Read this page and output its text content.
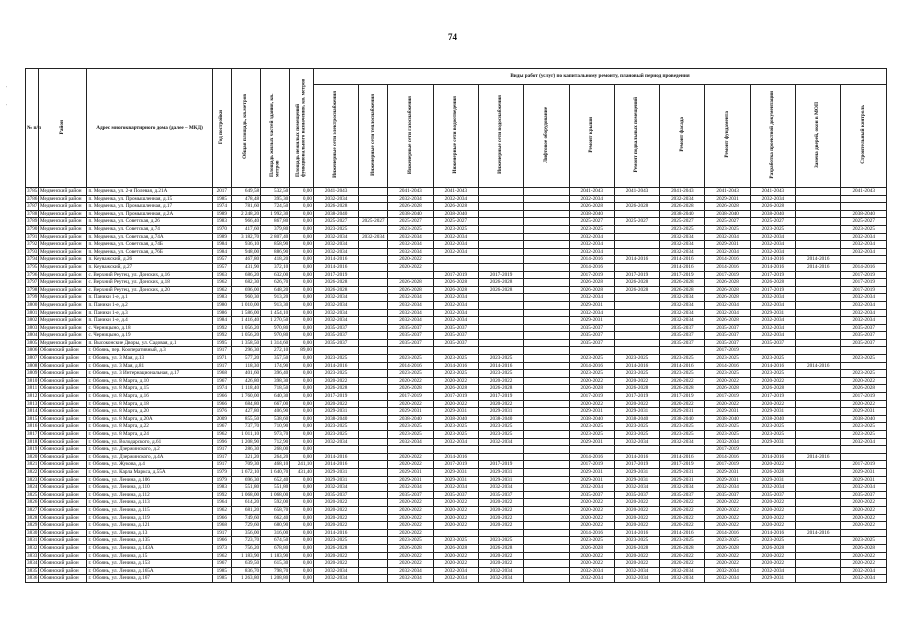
74
'
'
№ п/п	Район	Адрес многоквартирного дома (далее – МКД)	Год постройки	Общая площадь, кв.метров	Площадь жилых частей здания, кв. метров	Площадь нежилых помещений функционального назначения, кв. метров	Виды работ (услуг) по капитальному ремонту, плановый период проведения												
							Инженерные сети электроснабжения	Инженерные сети теплоснабжения	Инженерные сети газоснабжения	Инженерные сети водоотведения	Инженерные сети водоснабжения	Лифтовое оборудование	Ремонт крыши	Ремонт подвальных помещений	Ремонт фасада	Ремонт фундамента	Разработка проектной документации	Замена дверей, окон в МОП	Строительный контроль
3785	Медвенский район	п. Медвенка, ул. 2-я Полевая, д.21А	2017	649,58	532,50	0,00	2041-2043		2041-2043	2041-2043			2041-2043	2041-2043	2041-2043	2041-2043	2041-2043		2041-2043
3786	Медвенский район	п. Медвенка, ул. Промышленная, д.15	1985	478,48	395,30	0,00	2032-2034		2032-2034	2032-2034			2032-2034		2032-2034	2029-2031	2032-2034		
3787	Медвенский район	п. Медвенка, ул. Промышленная, д.17	1974	781,60	724,50	0,00	2026-2028		2026-2028	2026-2028			2026-2028	2026-2028	2026-2028	2026-2028	2026-2028		
3788	Медвенский район	п. Медвенка, ул. Промышленная, д.2А	1989	2 248,20	1 992,30	0,00	2038-2040		2038-2040	2038-2040			2038-2040		2038-2040	2038-2040	2038-2040		2038-2040
3789	Медвенский район	п. Медвенка, ул. Советская, д.26	1983	966,40	867,80	0,00	2025-2027	2025-2027	2025-2027	2025-2027			2025-2027	2025-2027	2025-2027	2025-2027	2025-2027		2025-2027
3790	Медвенский район	п. Медвенка, ул. Советская, д.74	1970	417,60	379,80	0,00	2023-2025		2023-2025	2023-2025			2023-2025		2023-2025	2023-2025	2023-2025		2023-2025
3791	Медвенский район	п. Медвенка, ул. Советская, д.74А	1989	3 182,70	2 807,40	0,00	2032-2034	2032-2034	2032-2034	2032-2034			2032-2034		2032-2034	2032-2034	2032-2034		2032-2034
3792	Медвенский район	п. Медвенка, ул. Советская, д.74Б	1984	936,10	858,90	0,00	2032-2034		2032-2034	2032-2034			2032-2034		2032-2034	2029-2031	2032-2034		2032-2034
3793	Медвенский район	п. Медвенка, ул. Советская, д.76Б	1984	948,00	886,90	0,00	2032-2034		2032-2034	2032-2034			2032-2034		2032-2034	2032-2034	2032-2034		2032-2034
3794	Медвенский район	п. Кеуважский, д.26	1957	467,80	418,20	0,00	2014-2016		2020-2022				2014-2016	2014-2016	2014-2016	2014-2016	2014-2016	2014-2016	
3795	Медвенский район	п. Кеуважский, д.27	1957	431,90	372,10	0,00	2014-2016		2020-2022				2014-2016		2014-2016	2014-2016	2014-2016	2014-2016	2014-2016
3796	Медвенский район	с. Верхний Реутец, ул. Донских, д.16	1963	686,20	632,00	0,00	2017-2019			2017-2019	2017-2019		2017-2019	2017-2019	2017-2019	2017-2019	2017-2019		2017-2019
3797	Медвенский район	с. Верхний Реутец, ул. Донских, д.18	1962	682,30	626,70	0,00	2026-2028		2026-2028	2026-2028	2026-2028		2026-2028	2026-2028	2026-2028	2026-2028	2026-2028		2017-2019
3798	Медвенский район	с. Верхний Реутец, ул. Донских, д.20	1962	696,00	648,20	0,00	2026-2028		2026-2028	2026-2028	2026-2028		2026-2028	2026-2028	2026-2028	2026-2028	2017-2019		2017-2019
3799	Медвенский район	п. Паники 1-е, д.1	1983	960,30	913,20	0,00	2032-2034		2032-2034	2032-2034			2032-2034		2032-2034	2026-2028	2032-2034		2032-2034
3800	Медвенский район	п. Паники 1-е, д.2	1980	1 010,00	913,30	0,00	2032-2034		2032-2034	2032-2034			2029-2031		2032-2034	2032-2034	2032-2034		2032-2034
3801	Медвенский район	п. Паники 1-е, д.3	1986	1 586,00	1 454,10	0,00	2032-2034		2032-2034	2032-2034			2032-2034		2032-2034	2032-2034	2029-2031		2032-2034
3802	Медвенский район	п. Паники 1-е, д.4	1984	1 416,40	1 270,50	0,00	2032-2034		2032-2034	2032-2034			2029-2031		2032-2034	2026-2028	2032-2034		2032-2034
3803	Медвенский район	с. Черницыно, д.18	1992	1 056,20	970,80	0,00	2035-2037		2035-2037	2035-2037			2035-2037		2035-2037	2035-2037	2032-2034		2035-2037
3804	Медвенский район	с. Черницыно, д.19	1992	1 056,20	970,80	0,00	2035-2037		2035-2037	2035-2037			2035-2037		2035-2037	2035-2037	2032-2034		2035-2037
3805	Медвенский район	п. Высоконские Дворы, ул. Садовая, д.1	1995	1 358,50	1 314,60	0,00	2035-2037		2035-2037	2035-2037			2035-2037		2035-2037	2035-2037	2035-2037		2035-2037
3806	Обоянский район	г. Обоянь, пер. Кооперативный, д.3	1917	296,30	272,10	89,00										2017-2019			
3807	Обоянский район	г. Обоянь, ул. 3 Мая, д.13	1971	577,20	357,50	0,00	2023-2025		2023-2025	2023-2025	2023-2025		2023-2025	2023-2025	2023-2025	2023-2025	2023-2025		2023-2025
3808	Обоянский район	г. Обоянь, ул. 3 Мая, д.81	1917	118,30	174,90	0,00	2014-2016		2014-2016	2014-2016	2014-2016		2014-2016	2014-2016	2014-2016	2014-2016	2014-2016	2014-2016	
3809	Обоянский район	г. Обоянь, ул. 3 Интернациональная, д.17	1968	401,60	396,40	0,00	2023-2025		2023-2025	2023-2025	2023-2025		2023-2025	2023-2025	2023-2025	2023-2025	2023-2025		2023-2025
3810	Обоянский район	г. Обоянь, ул. 8 Марта, д.10	1967	426,80	398,30	0,00	2020-2022		2020-2022	2020-2022	2020-2022		2020-2022	2020-2022	2020-2022	2020-2022	2020-2022		2020-2022
3811	Обоянский район	г. Обоянь, ул. 8 Марта, д.15	1974	1 118,40	718,50	0,00	2026-2028		2026-2028	2026-2028	2026-2028		2026-2028	2026-2028	2026-2028	2026-2028	2026-2028		2026-2028
3812	Обоянский район	г. Обоянь, ул. 8 Марта, д.16	1966	1 760,00	640,30	0,00	2017-2019		2017-2019	2017-2019	2017-2019		2017-2019	2017-2019	2017-2019	2017-2019	2017-2019		2017-2019
3813	Обоянский район	г. Обоянь, ул. 8 Марта, д.18	1966	684,80	667,00	0,00	2020-2022		2020-2022	2020-2022	2020-2022		2020-2022	2020-2022	2020-2022	2020-2022	2020-2022		2020-2022
3814	Обоянский район	г. Обоянь, ул. 8 Марта, д.20	1976	427,80	406,90	0,00	2029-2031		2029-2031	2029-2031	2029-2031		2029-2031	2029-2031	2029-2031	2029-2031	2029-2031		2029-2031
3815	Обоянский район	г. Обоянь, ул. 8 Марта, д.20А	2009	855,50	538,60	0,00	2038-2040		2038-2040	2038-2040	2038-2040		2038-2040	2038-2040	2038-2040	2038-2040	2038-2040		2038-2040
3816	Обоянский район	г. Обоянь, ул. 8 Марта, д.22	1967	737,70	710,90	0,00	2023-2025		2023-2025	2023-2025	2023-2025		2023-2025	2023-2025	2023-2025	2023-2025	2023-2025		2023-2025
3817	Обоянский район	г. Обоянь, ул. 8 Марта, д.24	1962	1 011,10	973,70	0,00	2023-2025		2023-2025	2023-2025	2023-2025		2023-2025	2023-2025	2023-2025	2023-2025	2023-2025		2023-2025
3818	Обоянский район	г. Обоянь, ул. Володарского, д.61	1996	1 208,90	712,90	0,00	2032-2034		2032-2034	2032-2034	2032-2034		2029-2031	2032-2034	2032-2034	2032-2034	2029-2031		2032-2034
3819	Обоянский район	г. Обоянь, ул. Дзержинского, д.2	1917	286,30	268,00	0,00										2017-2019			
3820	Обоянский район	г. Обоянь, ул. Дзержинского, д.4А	1917	321,20	264,20	0,00	2014-2016		2020-2022	2014-2016			2014-2016	2014-2016	2014-2016	2014-2016	2014-2016	2014-2016	
3821	Обоянский район	г. Обоянь, ул. Жукова, д.4	1917	709,30	468,10	241,10	2014-2016		2020-2022	2017-2019	2017-2019		2017-2019	2017-2019	2017-2019	2017-2019	2020-2022		2017-2019
3822	Обоянский район	г. Обоянь, ул. Карла Маркса, д.55А	1979	1 672,10	1 640,70	431,40	2029-2031		2029-2031	2029-2031	2029-2031		2029-2031	2029-2031	2029-2031	2029-2031	2026-2028		2029-2031
3823	Обоянский район	г. Обоянь, ул. Ленина, д.106	1979	696,30	652,40	0,00	2029-2031		2029-2031	2029-2031	2029-2031		2029-2031	2029-2031	2029-2031	2029-2031	2029-2031		2029-2031
3824	Обоянский район	г. Обоянь, ул. Ленина, д.110	1983	551,80	551,80	0,00	2032-2034		2032-2034	2032-2034	2032-2034		2032-2034	2032-2034	2032-2034	2032-2034	2032-2034		2032-2034
3825	Обоянский район	г. Обоянь, ул. Ленина, д.112	1992	1 068,00	1 068,00	0,00	2035-2037		2035-2037	2035-2037	2035-2037		2035-2037	2035-2037	2035-2037	2035-2037	2035-2037		2035-2037
3826	Обоянский район	г. Обоянь, ул. Ленина, д.113	1964	614,20	592,00	0,00	2020-2022		2020-2022	2020-2022	2020-2022		2020-2022	2020-2022	2020-2022	2020-2022	2020-2022		2020-2022
3827	Обоянский район	г. Обоянь, ул. Ленина, д.115	1962	681,20	658,70	0,00	2020-2022		2020-2022	2020-2022	2020-2022		2020-2022	2020-2022	2020-2022	2020-2022	2020-2022		2020-2022
3828	Обоянский район	г. Обоянь, ул. Ленина, д.119	1966	749,60	662,40	0,00	2020-2022		2020-2022	2020-2022	2020-2022		2020-2022	2020-2022	2020-2022	2020-2022	2020-2022		2020-2022
3829	Обоянский район	г. Обоянь, ул. Ленина, д.121	1968	729,60	680,90	0,00	2020-2022		2020-2022	2020-2022	2020-2022		2020-2022	2020-2022	2020-2022	2020-2022	2020-2022		2020-2022
3830	Обоянский район	г. Обоянь, ул. Ленина, д.13	1917	356,00	316,00	0,00	2014-2016		2020-2022				2014-2016	2014-2016	2014-2016	2014-2016	2014-2016	2014-2016	
3831	Обоянский район	г. Обоянь, ул. Ленина, д.135	1966	723,70	674,50	0,00	2023-2025		2023-2025	2023-2025	2023-2025		2023-2025	2023-2025	2023-2025	2023-2025	2023-2025		2023-2025
3832	Обоянский район	г. Обоянь, ул. Ленина, д.143А	1973	756,20	678,80	0,00	2026-2028		2026-2028	2026-2028	2026-2028		2026-2028	2026-2028	2026-2028	2026-2028	2026-2028		2026-2028
3833	Обоянский район	г. Обоянь, ул. Ленина, д.15	1962	1 183,90	1 183,90	0,00	2020-2022		2020-2022	2020-2022	2020-2022		2020-2022	2020-2022	2020-2022	2020-2022	2020-2022		2020-2022
3834	Обоянский район	г. Обоянь, ул. Ленина, д.153	1967	639,50	615,30	0,00	2020-2022		2020-2022	2020-2022	2020-2022		2020-2022	2020-2022	2020-2022	2020-2022	2020-2022		2020-2022
3835	Обоянский район	г. Обоянь, ул. Ленина, д.165А	1985	836,70	798,70	0,00	2032-2034		2032-2034	2032-2034	2032-2034		2032-2034	2032-2034	2032-2034	2032-2034	2032-2034		2032-2034
3836	Обоянский район	г. Обоянь, ул. Ленина, д.167	1985	1 263,80	1 208,80	0,00	2032-2034		2032-2034	2032-2034	2032-2034		2032-2034	2032-2034	2032-2034	2032-2034	2029-2031		2032-2034
